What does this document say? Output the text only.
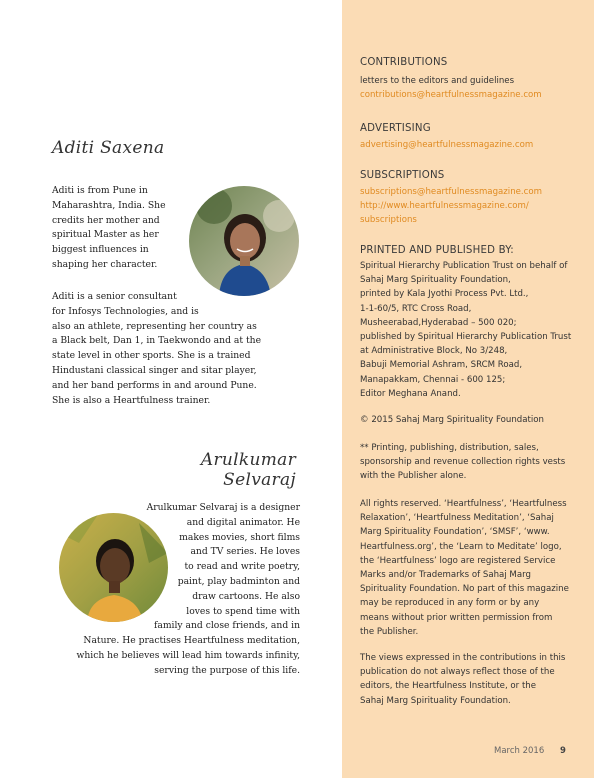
Aditi Saxena

Aditi is from Pune in

Maharashtra, India. She

credits her mother and

spiritual Master as her

biggest influences in

shaping her character.

Aditi is a senior consultant

for Infosys Technologies, and is

also an athlete, representing her country as

a Black belt, Dan 1, in Taekwondo and at the

state level in other sports. She is a trained

Hindustani classical singer and sitar player,

and her band performs in and around Pune.

She is also a Heartfulness trainer.

Arulkumar Selvaraj

Arulkumar Selvaraj is a designer

and digital animator. He

makes movies, short films

and TV series. He loves

to read and write poetry,

paint, play badminton and

draw cartoons. He also

loves to spend time with

family and close friends, and in

Nature. He practises Heartfulness meditation,

which he believes will lead him towards infinity,

serving the purpose of this life.

CONTRIBUTIONS

letters to the editors and guidelines

contributions@heartfulnessmagazine.com

ADVERTISING

advertising@heartfulnessmagazine.com

SUBSCRIPTIONS

subscriptions@heartfulnessmagazine.com

http://www.heartfulnessmagazine.com/

subscriptions

PRINTED AND PUBLISHED BY:

Spiritual Hierarchy Publication Trust on behalf of

Sahaj Marg Spirituality Foundation,

printed by Kala Jyothi Process Pvt. Ltd.,

1-1-60/5, RTC Cross Road,

Musheerabad,Hyderabad – 500 020;

published by Spiritual Hierarchy Publication Trust

at Administrative Block, No 3/248,

Babuji Memorial Ashram, SRCM Road,

Manapakkam, Chennai - 600 125;

Editor Meghana Anand.

© 2015 Sahaj Marg Spirituality Foundation

** Printing, publishing, distribution, sales,

sponsorship and revenue collection rights vests

with the Publisher alone.

All rights reserved. ‘Heartfulness’, ‘Heartfulness

Relaxation’, ‘Heartfulness Meditation’, ‘Sahaj

Marg Spirituality Foundation’, ‘SMSF’, ‘www.

Heartfulness.org’, the ‘Learn to Meditate’ logo,

the ‘Heartfulness’ logo are registered Service

Marks and/or Trademarks of Sahaj Marg

Spirituality Foundation. No part of this magazine

may be reproduced in any form or by any

means without prior written permission from

the Publisher.

The views expressed in the contributions in this

publication do not always reflect those of the

editors, the Heartfulness Institute, or the

Sahaj Marg Spirituality Foundation.

March 2016 9
